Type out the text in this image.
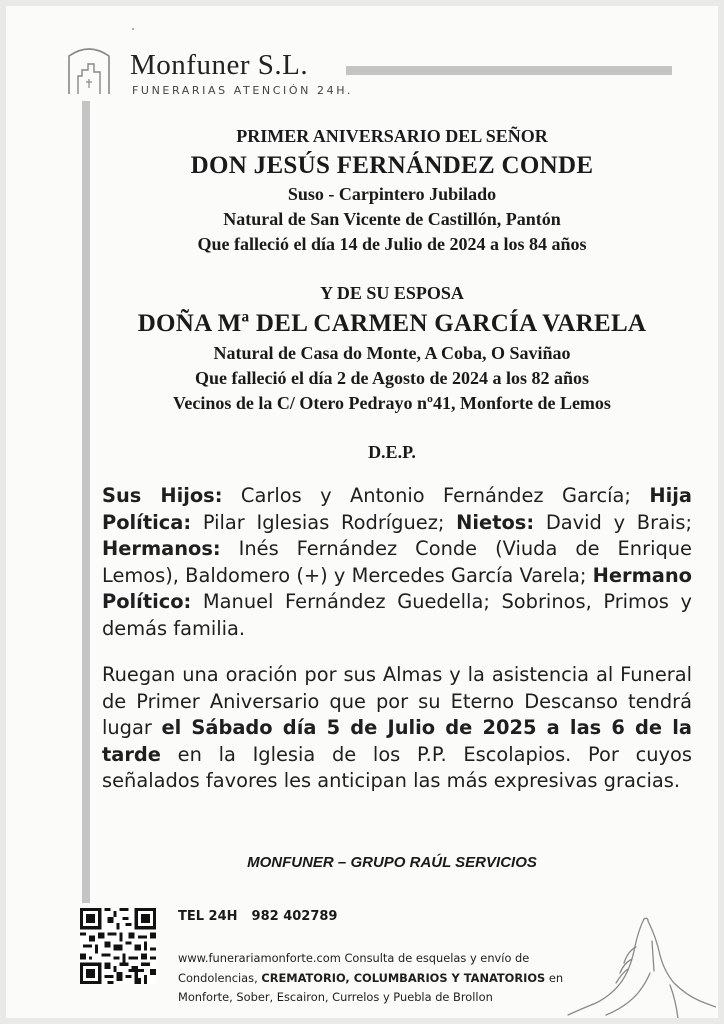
Monfuner S.L.
FUNERARIAS ATENCIÓN 24H.
PRIMER ANIVERSARIO DEL SEÑOR
DON JESÚS FERNÁNDEZ CONDE
Suso - Carpintero Jubilado
Natural de San Vicente de Castillón, Pantón
Que falleció el día 14 de Julio de 2024 a los 84 años
Y DE SU ESPOSA
DOÑA Mª DEL CARMEN GARCÍA VARELA
Natural de Casa do Monte, A Coba, O Saviñao
Que falleció el día 2 de Agosto de 2024 a los 82 años
Vecinos de la C/ Otero Pedrayo nº41, Monforte de Lemos
D.E.P.
Sus Hijos: Carlos y Antonio Fernández García; Hija Política: Pilar Iglesias Rodríguez; Nietos: David y Brais; Hermanos: Inés Fernández Conde (Viuda de Enrique Lemos), Baldomero (+) y Mercedes García Varela; Hermano Político: Manuel Fernández Guedella; Sobrinos, Primos y demás familia.
Ruegan una oración por sus Almas y la asistencia al Funeral de Primer Aniversario que por su Eterno Descanso tendrá lugar el Sábado día 5 de Julio de 2025 a las 6 de la tarde en la Iglesia de los P.P. Escolapios. Por cuyos señalados favores les anticipan las más expresivas gracias.
MONFUNER – GRUPO RAÚL SERVICIOS
TEL 24H 982 402789
www.funerariamonforte.com Consulta de esquelas y envío de Condolencias, CREMATORIO, COLUMBARIOS Y TANATORIOS en Monforte, Sober, Escairon, Currelos y Puebla de Brollon
